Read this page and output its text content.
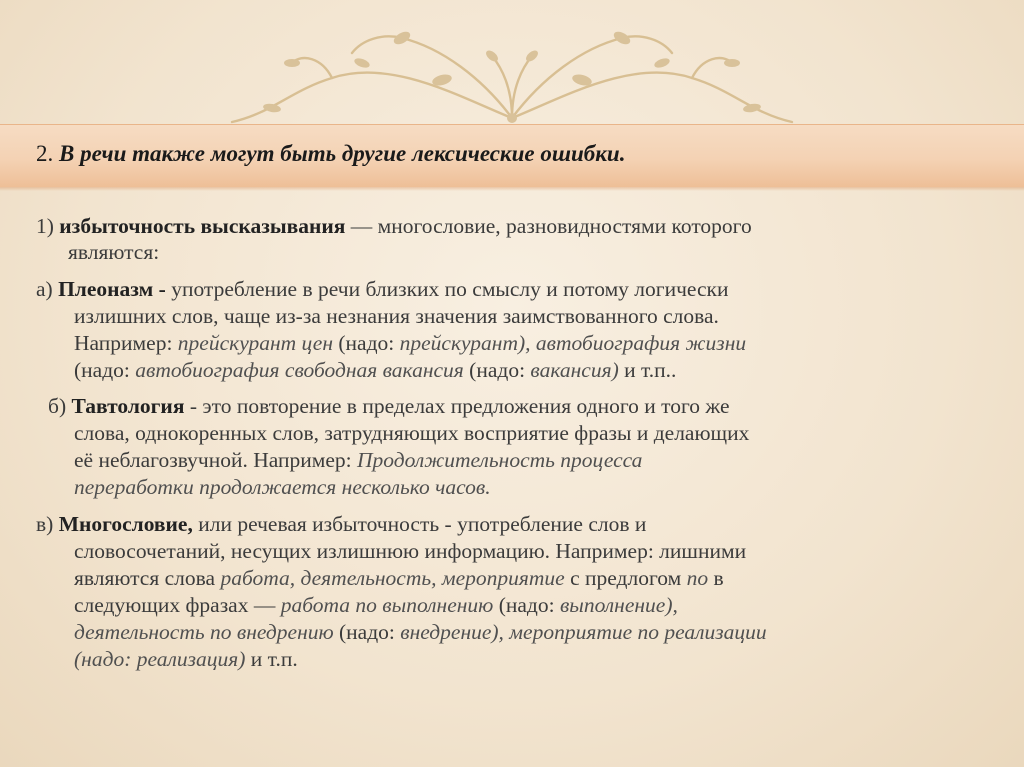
2. В речи также могут быть другие лексические ошибки.
1) избыточность высказывания — многословие, разновидностями которого
являются:
а) Плеоназм - употребление в речи близких по смыслу и потому логически
излишних слов, чаще из-за незнания значения заимствованного слова.
Например: прейскурант цен (надо: прейскурант), автобиография жизни
(надо: автобиография свободная вакансия (надо: вакансия) и т.п..
б) Тавтология - это повторение в пределах предложения одного и того же
слова, однокоренных слов, затрудняющих восприятие фразы и делающих
её неблагозвучной. Например: Продолжительность процесса
переработки продолжается несколько часов.
в) Многословие, или речевая избыточность - употребление слов и
словосочетаний, несущих излишнюю информацию. Например: лишними
являются слова работа, деятельность, мероприятие с предлогом по в
следующих фразах — работа по выполнению (надо: выполнение),
деятельность по внедрению (надо: внедрение), мероприятие по реализации
(надо: реализация) и т.п.
